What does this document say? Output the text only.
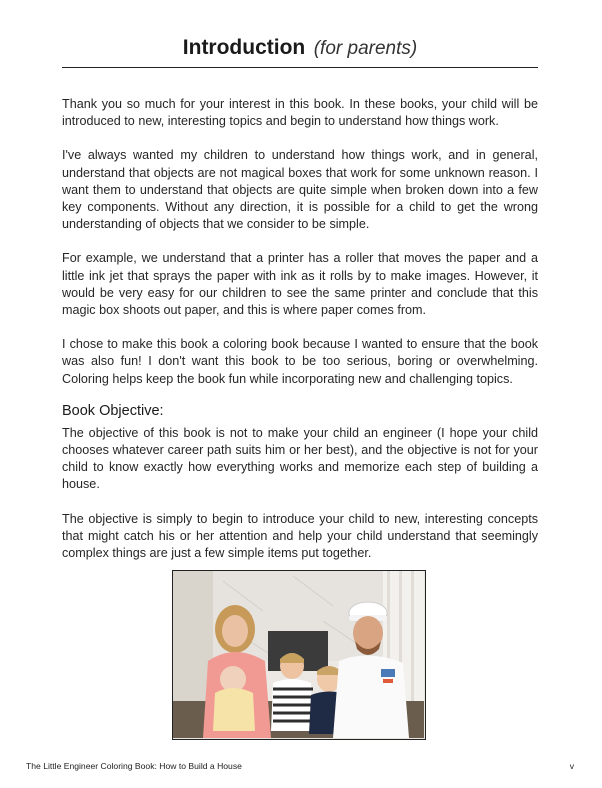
Introduction (for parents)

Thank you so much for your interest in this book. In these books, your child will be introduced to new, interesting topics and begin to understand how things work.

I've always wanted my children to understand how things work, and in general, understand that objects are not magical boxes that work for some unknown reason. I want them to understand that objects are quite simple when broken down into a few key components. Without any direction, it is possible for a child to get the wrong understanding of objects that we consider to be simple.

For example, we understand that a printer has a roller that moves the paper and a little ink jet that sprays the paper with ink as it rolls by to make images. However, it would be very easy for our children to see the same printer and conclude that this magic box shoots out paper, and this is where paper comes from.

I chose to make this book a coloring book because I wanted to ensure that the book was also fun! I don't want this book to be too serious, boring or overwhelming. Coloring helps keep the book fun while incorporating new and challenging topics.

Book Objective:

The objective of this book is not to make your child an engineer (I hope your child chooses whatever career path suits him or her best), and the objective is not for your child to know exactly how everything works and memorize each step of building a house.

The objective is simply to begin to introduce your child to new, interesting concepts that might catch his or her attention and help your child understand that seemingly complex things are just a few simple items put together.

The Little Engineer Coloring Book: How to Build a House	v
